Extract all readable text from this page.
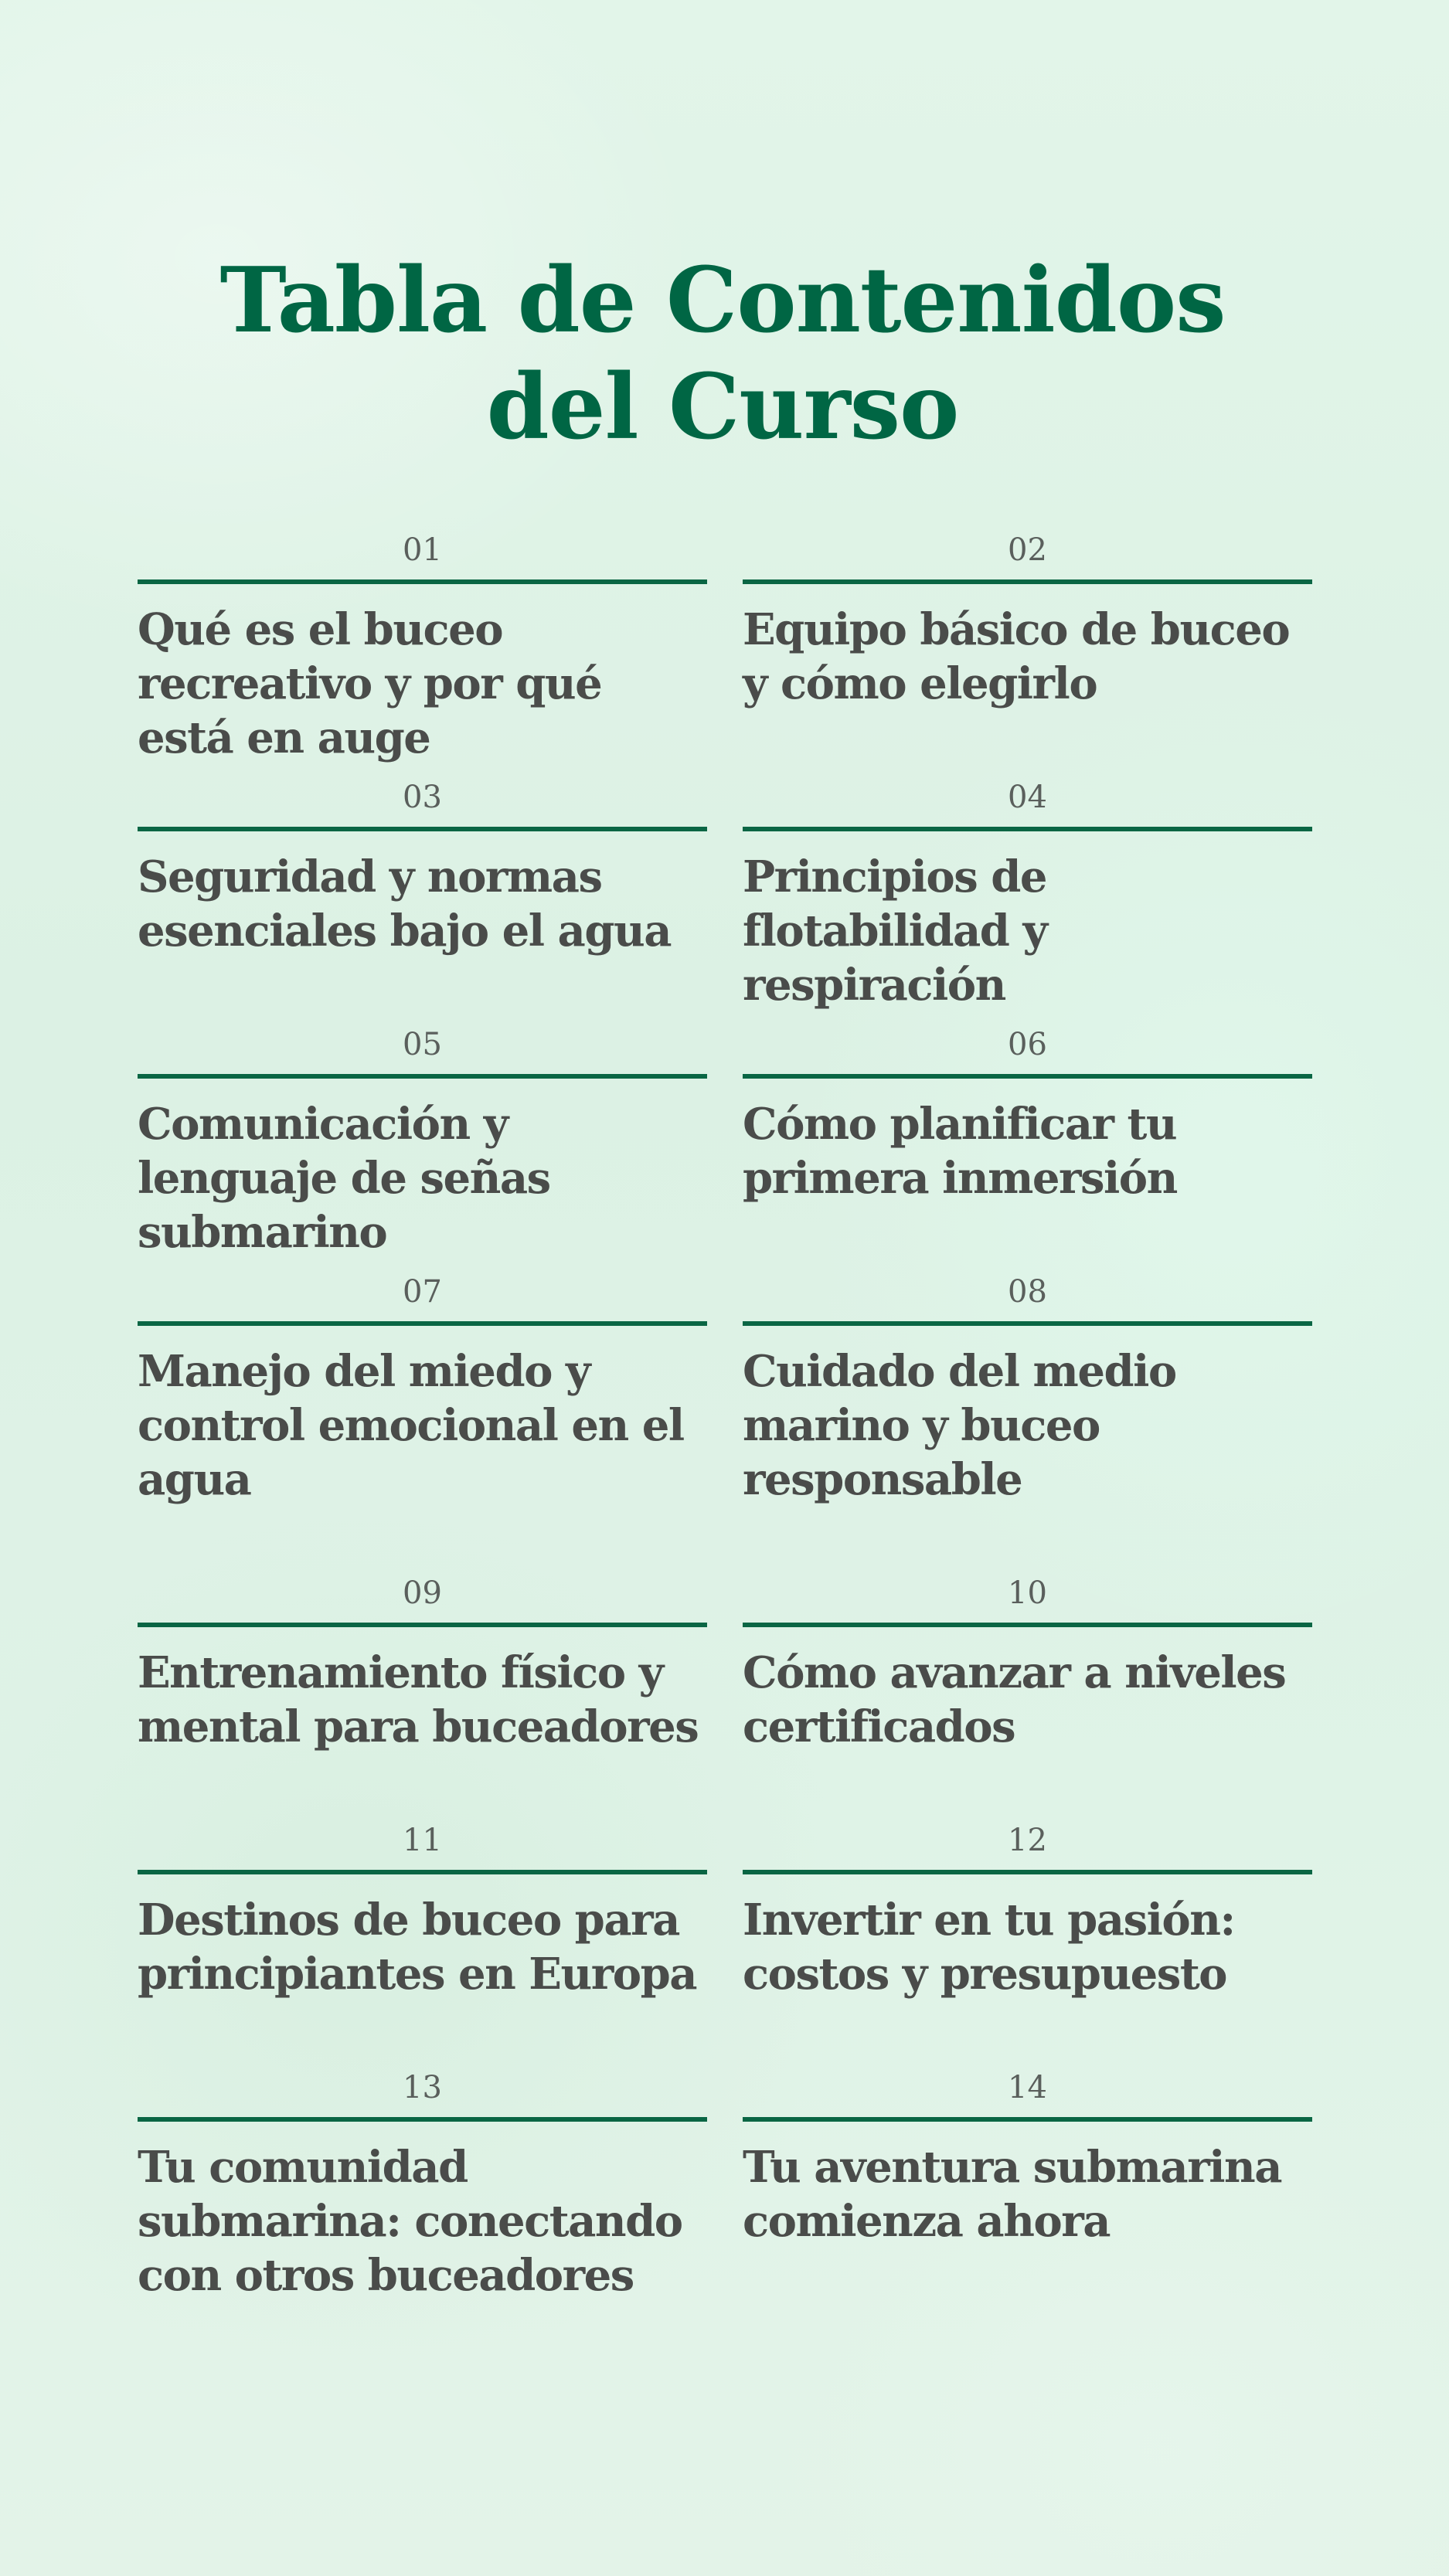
Tabla de Contenidos del Curso
01
Qué es el buceo recreativo y por qué está en auge
02
Equipo básico de buceo y cómo elegirlo
03
Seguridad y normas esenciales bajo el agua
04
Principios de flotabilidad y respiración
05
Comunicación y lenguaje de señas submarino
06
Cómo planificar tu primera inmersión
07
Manejo del miedo y control emocional en el agua
08
Cuidado del medio marino y buceo responsable
09
Entrenamiento físico y mental para buceadores
10
Cómo avanzar a niveles certificados
11
Destinos de buceo para principiantes en Europa
12
Invertir en tu pasión: costos y presupuesto
13
Tu comunidad submarina: conectando con otros buceadores
14
Tu aventura submarina comienza ahora
